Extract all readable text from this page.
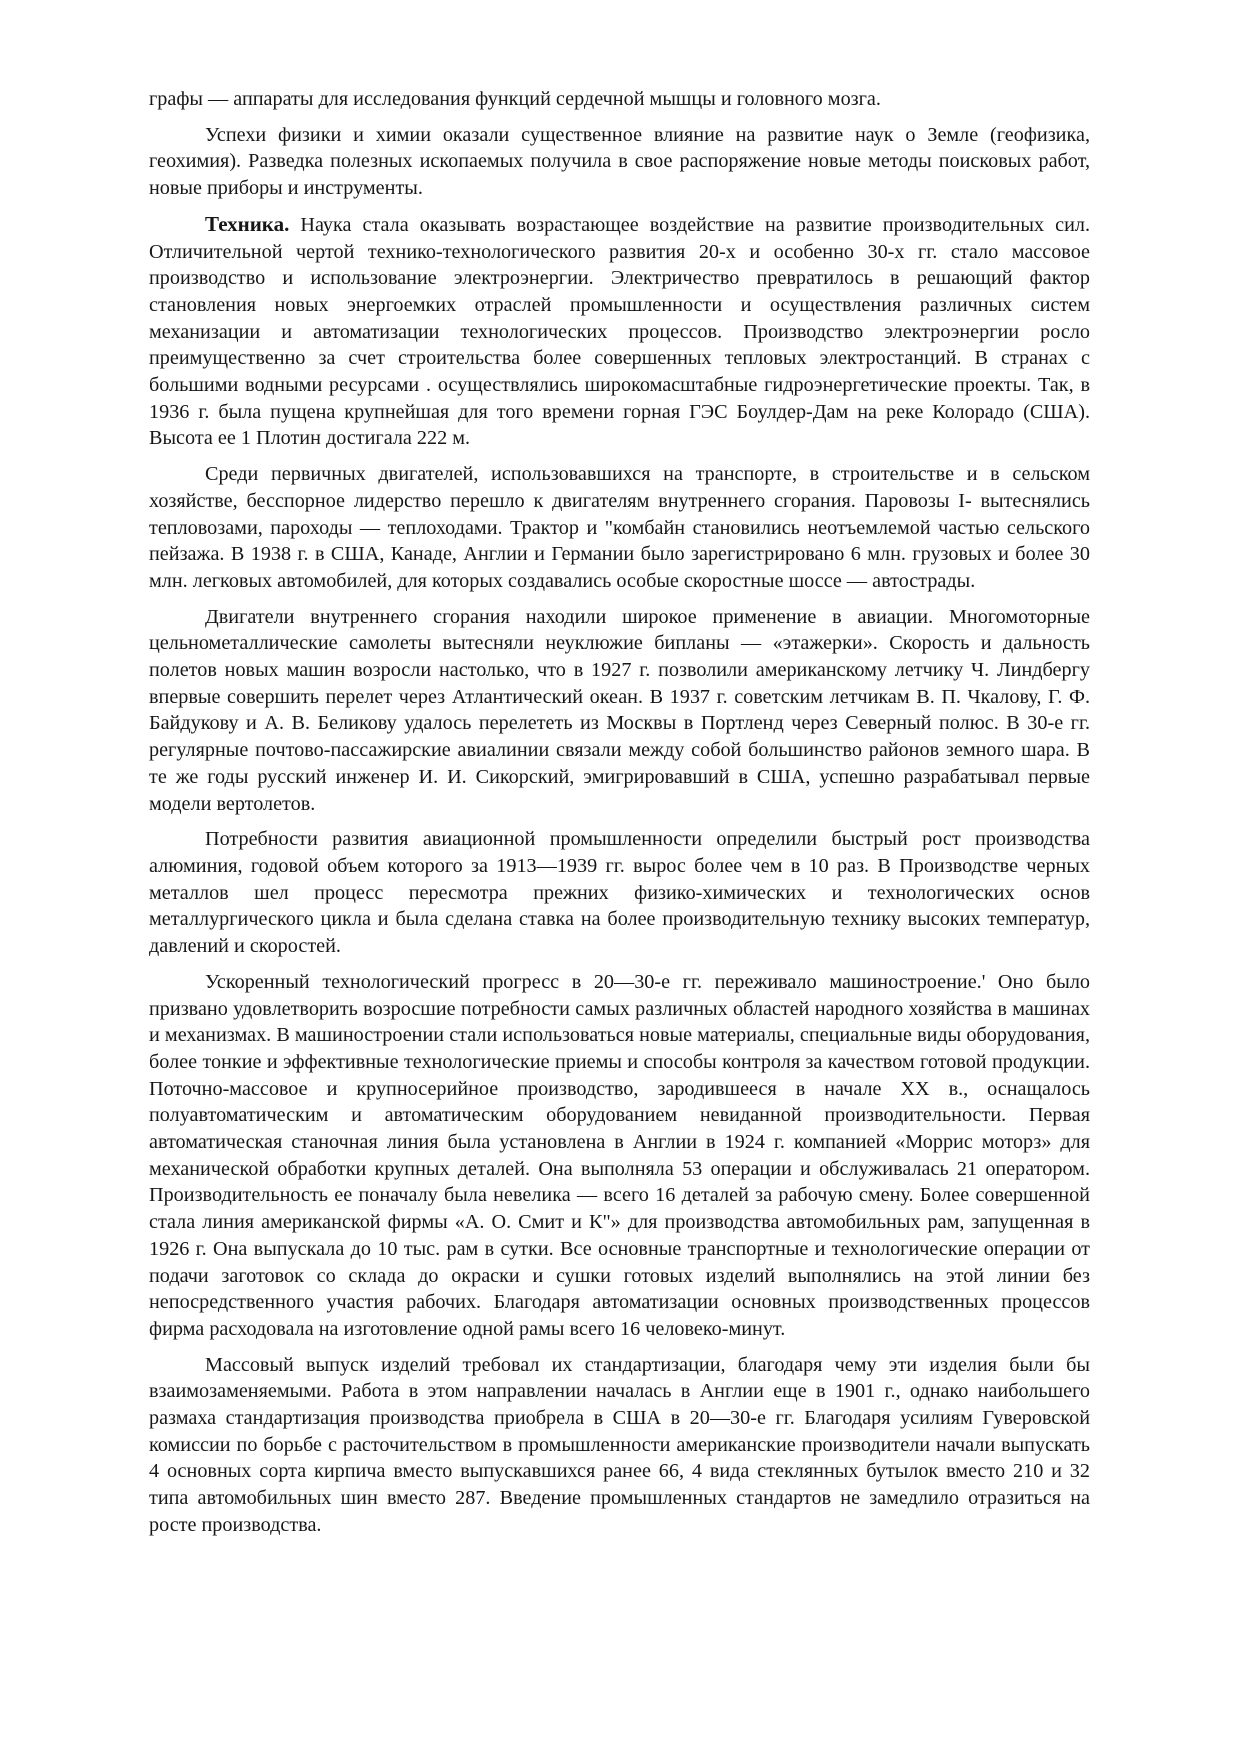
графы — аппараты для исследования функций сердечной мышцы и головного мозга.

Успехи физики и химии оказали существенное влияние на развитие наук о Земле (геофизика, геохимия). Разведка полезных ископаемых получила в свое распоряжение новые методы поисковых работ, новые приборы и инструменты.

Техника. Наука стала оказывать возрастающее воздействие на развитие производительных сил. Отличительной чертой технико-технологического развития 20-х и особенно 30-х гг. стало массовое производство и использование электроэнергии. Электричество превратилось в решающий фактор становления новых энергоемких отраслей промышленности и осуществления различных систем механизации и автоматизации технологических процессов. Производство электроэнергии росло преимущественно за счет строительства более совершенных тепловых электростанций. В странах с большими водными ресурсами . осуществлялись широкомасштабные гидроэнергетические проекты. Так, в 1936 г. была пущена крупнейшая для того времени горная ГЭС Боулдер-Дам на реке Колорадо (США). Высота ее 1 Плотин достигала 222 м.

Среди первичных двигателей, использовавшихся на транспорте, в строительстве и в сельском хозяйстве, бесспорное лидерство перешло к двигателям внутреннего сгорания. Паровозы I- вытеснялись тепловозами, пароходы — теплоходами. Трактор и "комбайн становились неотъемлемой частью сельского пейзажа. В 1938 г. в США, Канаде, Англии и Германии было зарегистрировано 6 млн. грузовых и более 30 млн. легковых автомобилей, для которых создавались особые скоростные шоссе — автострады.

Двигатели внутреннего сгорания находили широкое применение в авиации. Многомоторные цельнометаллические самолеты вытесняли неуклюжие бипланы — «этажерки». Скорость и дальность полетов новых машин возросли настолько, что в 1927 г. позволили американскому летчику Ч. Линдбергу впервые совершить перелет через Атлантический океан. В 1937 г. советским летчикам В. П. Чкалову, Г. Ф. Байдукову и А. В. Беликову удалось перелететь из Москвы в Портленд через Северный полюс. В 30-е гг. регулярные почтово-пассажирские авиалинии связали между собой большинство районов земного шара. В те же годы русский инженер И. И. Сикорский, эмигрировавший в США, успешно разрабатывал первые модели вертолетов.

Потребности развития авиационной промышленности определили быстрый рост производства алюминия, годовой объем которого за 1913—1939 гг. вырос более чем в 10 раз. В Производстве черных металлов шел процесс пересмотра прежних физико-химических и технологических основ металлургического цикла и была сделана ставка на более производительную технику высоких температур, давлений и скоростей.

Ускоренный технологический прогресс в 20—30-е гг. переживало машиностроение.' Оно было призвано удовлетворить возросшие потребности самых различных областей народного хозяйства в машинах и механизмах. В машиностроении стали использоваться новые материалы, специальные виды оборудования, более тонкие и эффективные технологические приемы и способы контроля за качеством готовой продукции. Поточно-массовое и крупносерийное производство, зародившееся в начале XX в., оснащалось полуавтоматическим и автоматическим оборудованием невиданной производительности. Первая автоматическая станочная линия была установлена в Англии в 1924 г. компанией «Моррис моторз» для механической обработки крупных деталей. Она выполняла 53 операции и обслуживалась 21 оператором. Производительность ее поначалу была невелика — всего 16 деталей за рабочую смену. Более совершенной стала линия американской фирмы «А. О. Смит и К"» для производства автомобильных рам, запущенная в 1926 г. Она выпускала до 10 тыс. рам в сутки. Все основные транспортные и технологические операции от подачи заготовок со склада до окраски и сушки готовых изделий выполнялись на этой линии без непосредственного участия рабочих. Благодаря автоматизации основных производственных процессов фирма расходовала на изготовление одной рамы всего 16 человеко-минут.

Массовый выпуск изделий требовал их стандартизации, благодаря чему эти изделия были бы взаимозаменяемыми. Работа в этом направлении началась в Англии еще в 1901 г., однако наибольшего размаха стандартизация производства приобрела в США в 20—30-е гг. Благодаря усилиям Гуверовской комиссии по борьбе с расточительством в промышленности американские производители начали выпускать 4 основных сорта кирпича вместо выпускавшихся ранее 66, 4 вида стеклянных бутылок вместо 210 и 32 типа автомобильных шин вместо 287. Введение промышленных стандартов не замедлило отразиться на росте производства.
